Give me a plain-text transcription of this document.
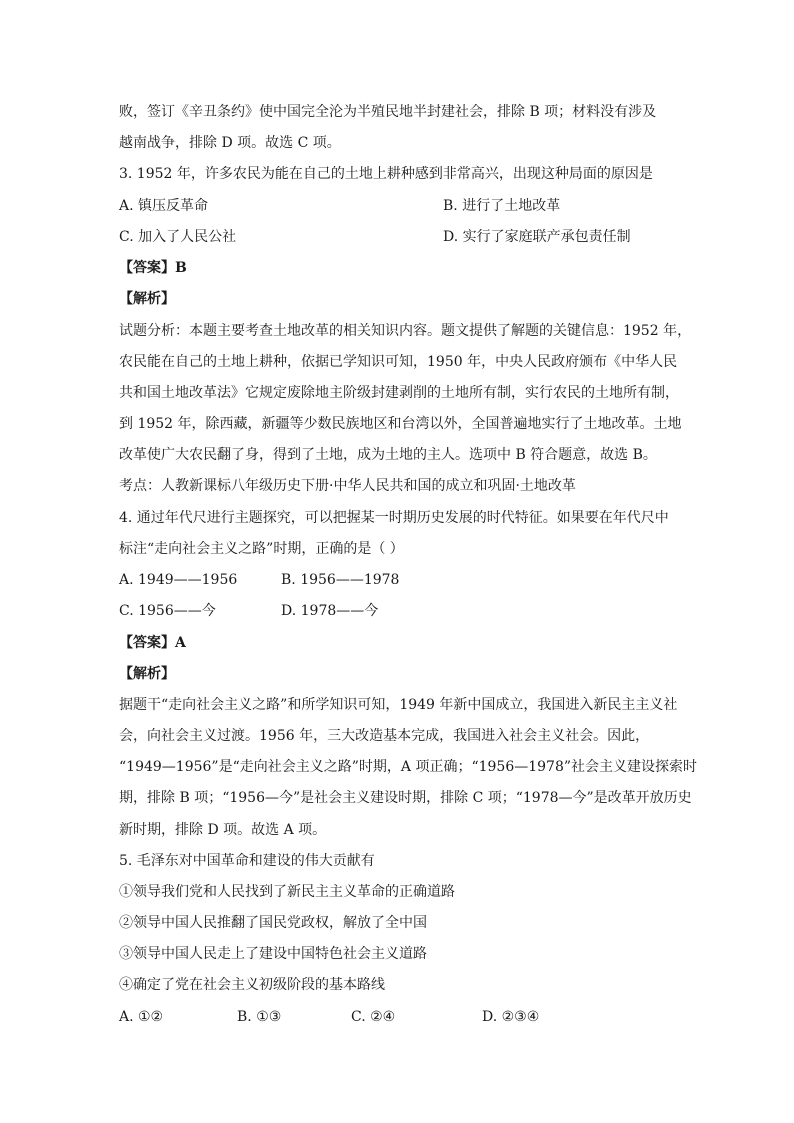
败，签订《辛丑条约》使中国完全沦为半殖民地半封建社会，排除 B 项；材料没有涉及
越南战争，排除 D 项。故选 C 项。
3. 1952 年，许多农民为能在自己的土地上耕种感到非常高兴，出现这种局面的原因是
A. 镇压反革命	B. 进行了土地改革
C. 加入了人民公社	D. 实行了家庭联产承包责任制
【答案】B
【解析】
试题分析：本题主要考查土地改革的相关知识内容。题文提供了解题的关键信息：1952 年，
农民能在自己的土地上耕种，依据已学知识可知，1950 年，中央人民政府颁布《中华人民
共和国土地改革法》它规定废除地主阶级封建剥削的土地所有制，实行农民的土地所有制，
到 1952 年，除西藏，新疆等少数民族地区和台湾以外，全国普遍地实行了土地改革。土地
改革使广大农民翻了身，得到了土地，成为土地的主人。选项中 B 符合题意，故选 B。
考点：人教新课标八年级历史下册·中华人民共和国的成立和巩固·土地改革
4. 通过年代尺进行主题探究，可以把握某一时期历史发展的时代特征。如果要在年代尺中
标注“走向社会主义之路”时期，正确的是（ ）
A. 1949——1956	B. 1956——1978
C. 1956——今	D. 1978——今
【答案】A
【解析】
据题干“走向社会主义之路”和所学知识可知，1949 年新中国成立，我国进入新民主主义社
会，向社会主义过渡。1956 年，三大改造基本完成，我国进入社会主义社会。因此，
“1949—1956”是“走向社会主义之路”时期，A 项正确；“1956—1978”社会主义建设探索时
期，排除 B 项；“1956—今”是社会主义建设时期，排除 C 项；“1978—今”是改革开放历史
新时期，排除 D 项。故选 A 项。
5. 毛泽东对中国革命和建设的伟大贡献有
①领导我们党和人民找到了新民主主义革命的正确道路
②领导中国人民推翻了国民党政权，解放了全中国
③领导中国人民走上了建设中国特色社会主义道路
④确定了党在社会主义初级阶段的基本路线
A. ①②	B. ①③	C. ②④	D. ②③④
